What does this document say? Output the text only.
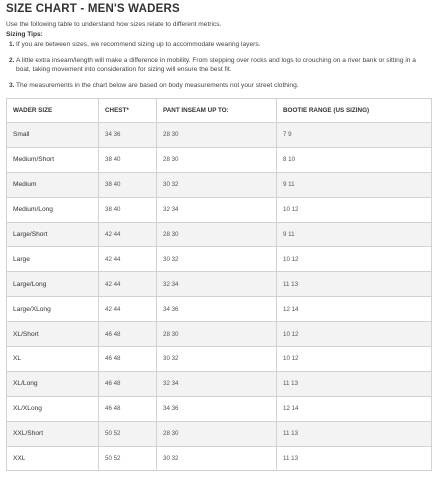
SIZE CHART - MEN'S WADERS
Use the following table to understand how sizes relate to different metrics.
Sizing Tips:
1. If you are between sizes, we recommend sizing up to accommodate wearing layers.
2. A little extra inseam/length will make a difference in mobility. From stepping over rocks and logs to crouching on a river bank or sitting in a boat, taking movement into consideration for sizing will ensure the best fit.
3. The measurements in the chart below are based on body measurements not your street clothing.
WADER SIZE	CHEST*	PANT INSEAM UP TO:	BOOTIE RANGE (US SIZING)
Small	34 36	28 30	7 9
Medium/Short	38 40	28 30	8 10
Medium	38 40	30 32	9 11
Medium/Long	38 40	32 34	10 12
Large/Short	42 44	28 30	9 11
Large	42 44	30 32	10 12
Large/Long	42 44	32 34	11 13
Large/XLong	42 44	34 36	12 14
XL/Short	46 48	28 30	10 12
XL	46 48	30 32	10 12
XL/Long	46 48	32 34	11 13
XL/XLong	46 48	34 36	12 14
XXL/Short	50 52	28 30	11 13
XXL	50 52	30 32	11 13
